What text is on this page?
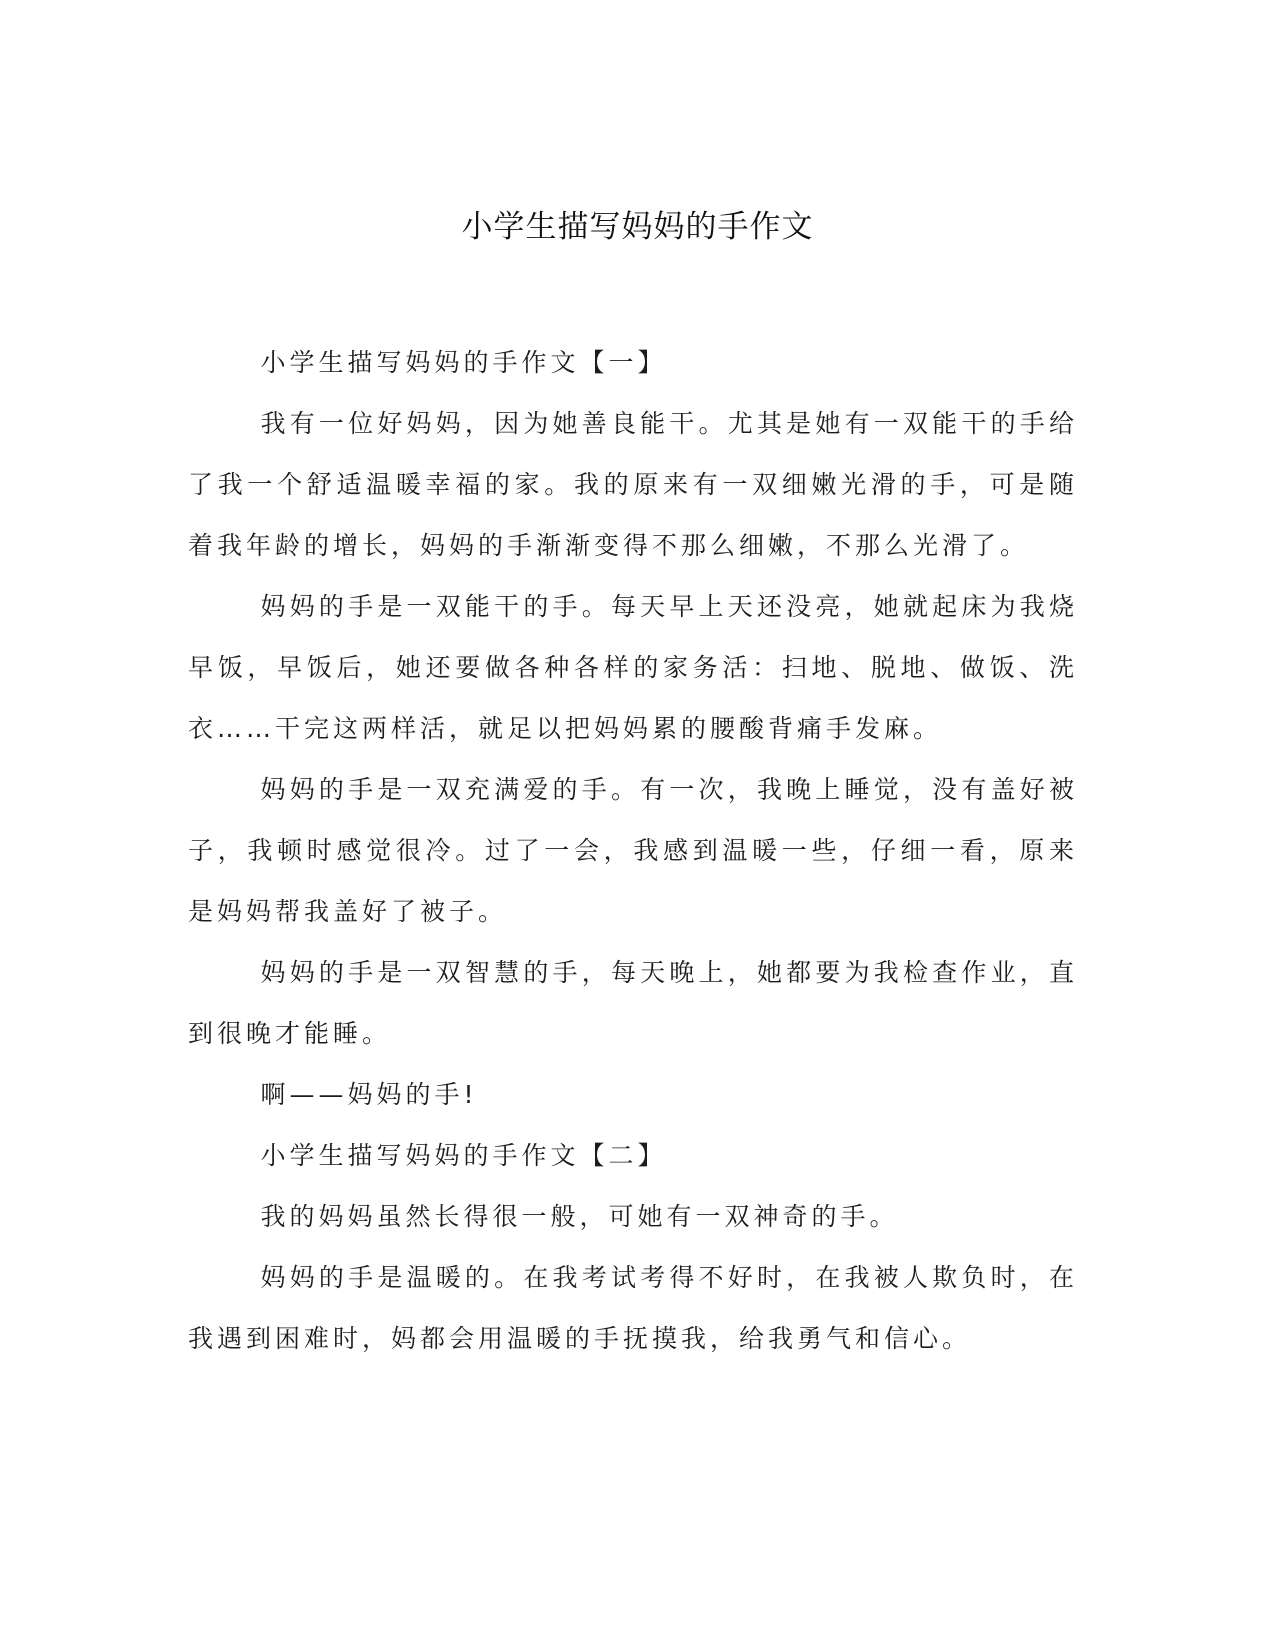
小学生描写妈妈的手作文
小学生描写妈妈的手作文【一】

我有一位好妈妈，因为她善良能干。尤其是她有一双能干的手给了我一个舒适温暖幸福的家。我的原来有一双细嫩光滑的手，可是随着我年龄的增长，妈妈的手渐渐变得不那么细嫩，不那么光滑了。

妈妈的手是一双能干的手。每天早上天还没亮，她就起床为我烧早饭，早饭后，她还要做各种各样的家务活：扫地、脱地、做饭、洗衣……干完这两样活，就足以把妈妈累的腰酸背痛手发麻。

妈妈的手是一双充满爱的手。有一次，我晚上睡觉，没有盖好被子，我顿时感觉很冷。过了一会，我感到温暖一些，仔细一看，原来是妈妈帮我盖好了被子。

妈妈的手是一双智慧的手，每天晚上，她都要为我检查作业，直到很晚才能睡。

啊——妈妈的手!

小学生描写妈妈的手作文【二】

我的妈妈虽然长得很一般，可她有一双神奇的手。

妈妈的手是温暖的。在我考试考得不好时，在我被人欺负时，在我遇到困难时，妈都会用温暖的手抚摸我，给我勇气和信心。
